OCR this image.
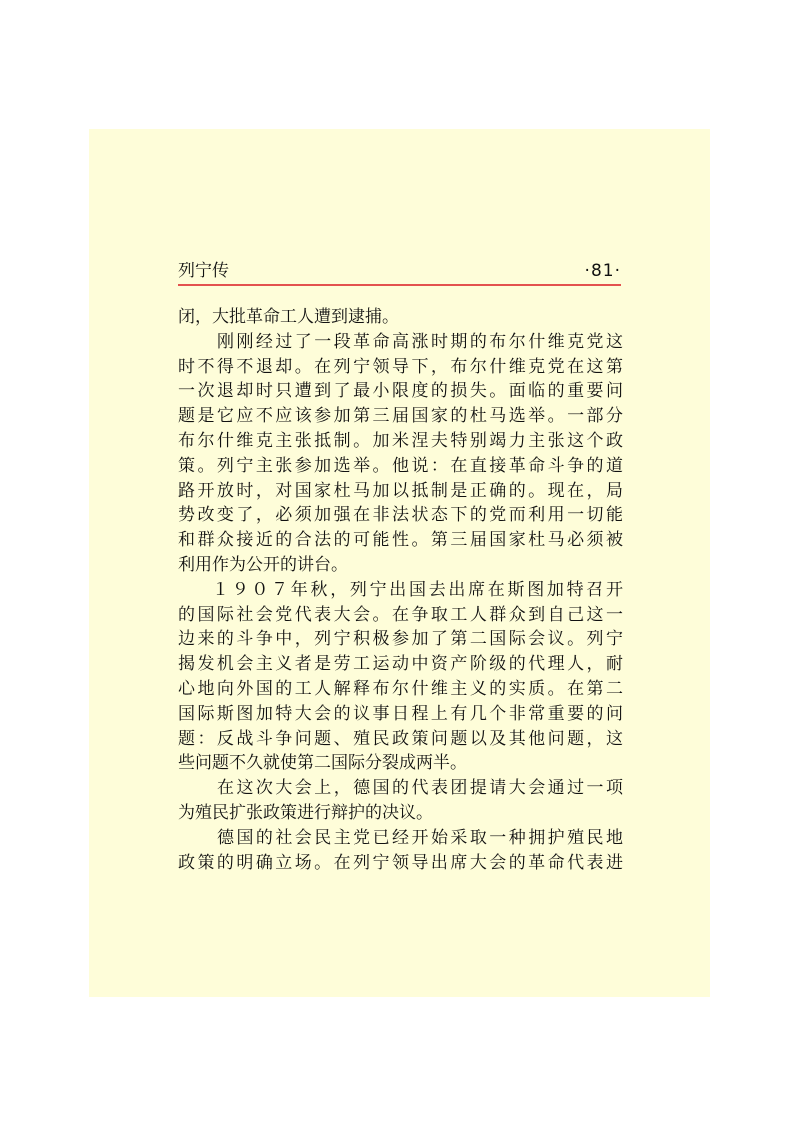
列宁传	·81·
闭，大批革命工人遭到逮捕。
刚刚经过了一段革命高涨时期的布尔什维克党这
时不得不退却。在列宁领导下，布尔什维克党在这第
一次退却时只遭到了最小限度的损失。面临的重要问
题是它应不应该参加第三届国家的杜马选举。一部分
布尔什维克主张抵制。加米涅夫特别竭力主张这个政
策。列宁主张参加选举。他说：在直接革命斗争的道
路开放时，对国家杜马加以抵制是正确的。现在，局
势改变了，必须加强在非法状态下的党而利用一切能
和群众接近的合法的可能性。第三届国家杜马必须被
利用作为公开的讲台。
１９０７年秋，列宁出国去出席在斯图加特召开
的国际社会党代表大会。在争取工人群众到自己这一
边来的斗争中，列宁积极参加了第二国际会议。列宁
揭发机会主义者是劳工运动中资产阶级的代理人，耐
心地向外国的工人解释布尔什维主义的实质。在第二
国际斯图加特大会的议事日程上有几个非常重要的问
题：反战斗争问题、殖民政策问题以及其他问题，这
些问题不久就使第二国际分裂成两半。
在这次大会上，德国的代表团提请大会通过一项
为殖民扩张政策进行辩护的决议。
德国的社会民主党已经开始采取一种拥护殖民地
政策的明确立场。在列宁领导出席大会的革命代表进
